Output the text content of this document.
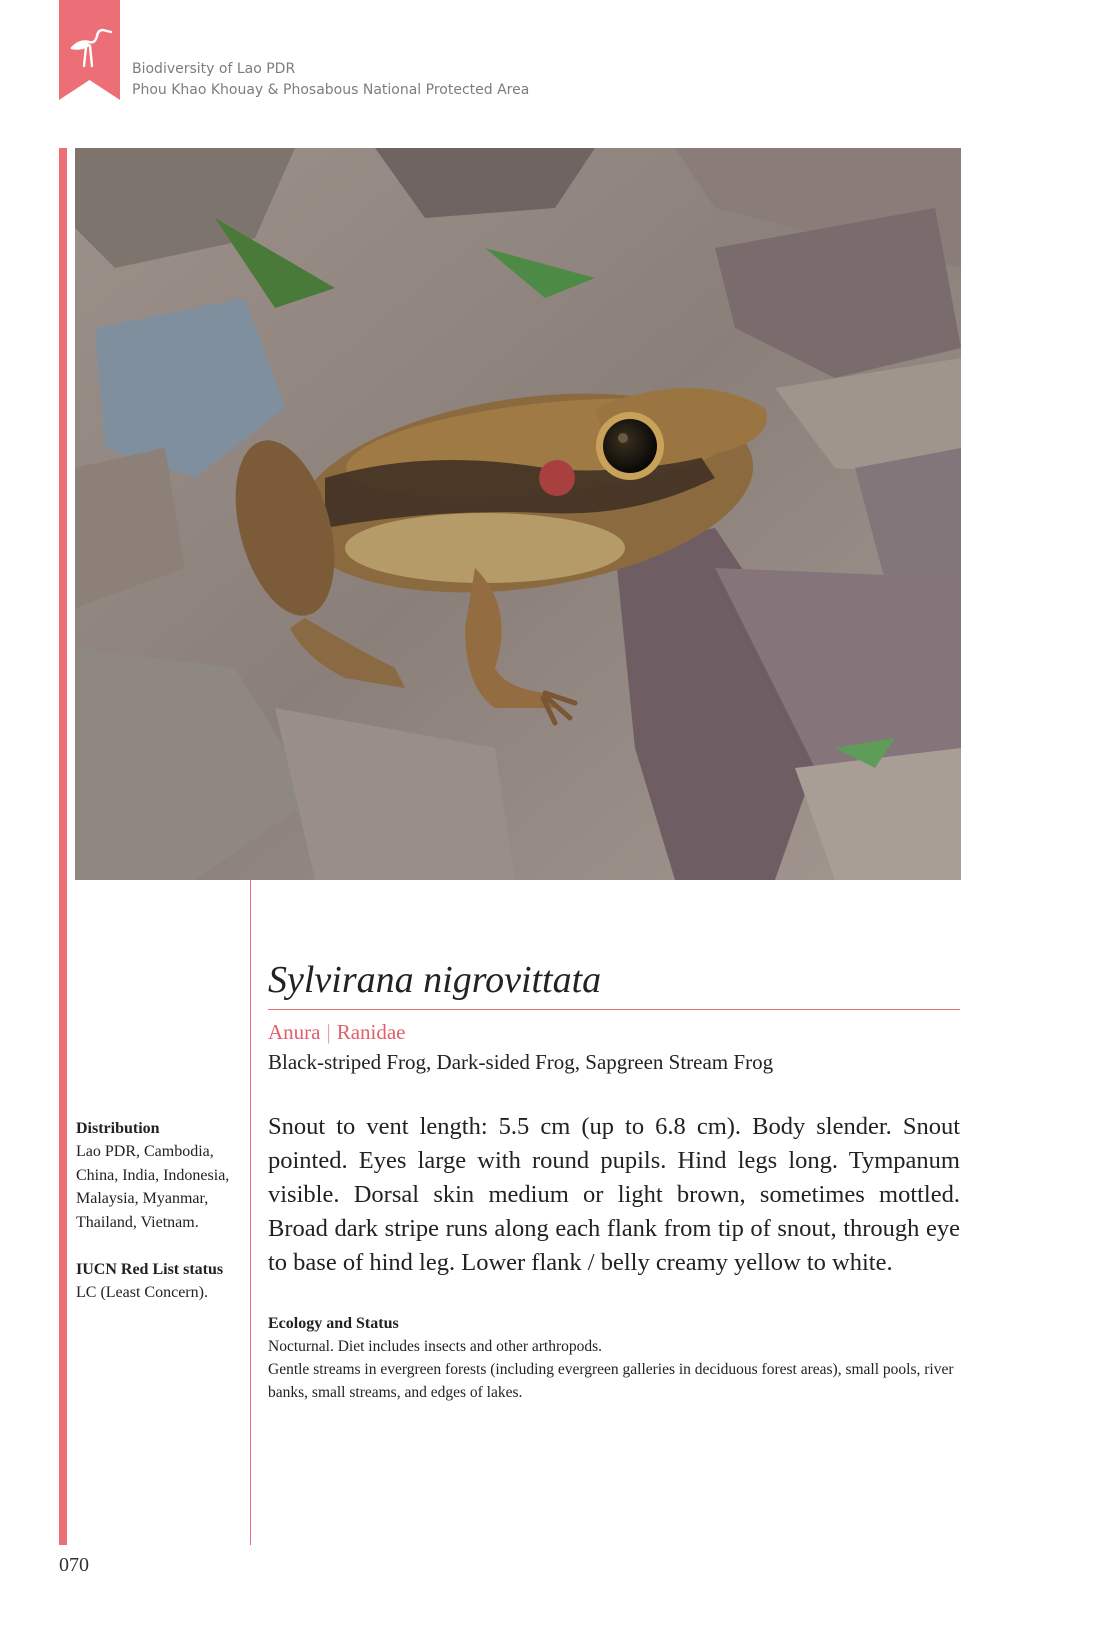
Biodiversity of Lao PDR
Phou Khao Khouay & Phosabous National Protected Area
Sylvirana nigrovittata
Anura | Ranidae
Black-striped Frog, Dark-sided Frog, Sapgreen Stream Frog
Snout to vent length: 5.5 cm (up to 6.8 cm). Body slender. Snout pointed. Eyes large with round pupils. Hind legs long. Tympanum visible. Dorsal skin medium or light brown, sometimes mottled. Broad dark stripe runs along each flank from tip of snout, through eye to base of hind leg. Lower flank / belly creamy yellow to white.
Ecology and Status
Nocturnal. Diet includes insects and other arthropods.
Gentle streams in evergreen forests (including evergreen galleries in deciduous forest areas), small pools, river banks, small streams, and edges of lakes.
Distribution
Lao PDR, Cambodia, China, India, Indonesia, Malaysia, Myanmar, Thailand, Vietnam.
IUCN Red List status
LC (Least Concern).
070
